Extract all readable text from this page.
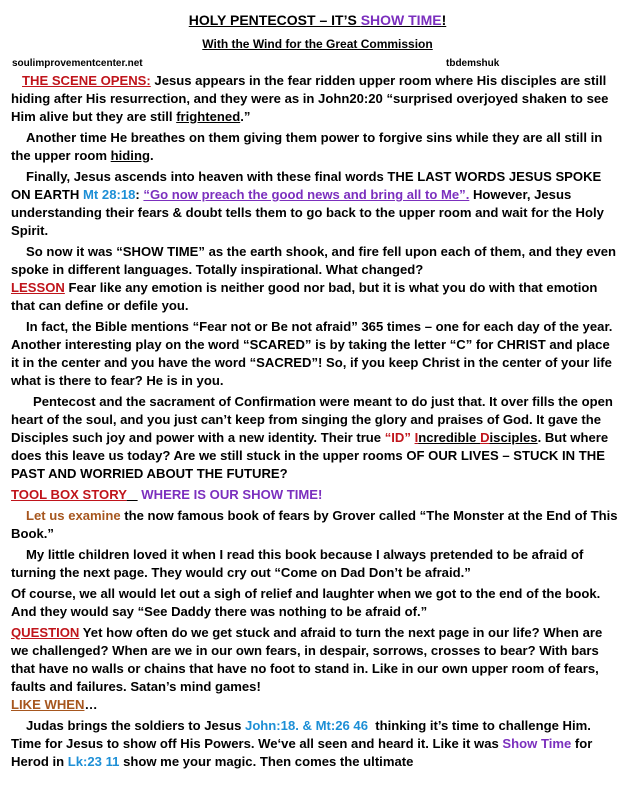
HOLY PENTECOST – IT’S SHOW TIME!
With the Wind for the Great Commission
soulimprovementcenter.net	tbdemshuk

THE SCENE OPENS: Jesus appears in the fear ridden upper room where His disciples are still hiding after His resurrection, and they were as in John20:20 “surprised overjoyed shaken to see Him alive but they are still frightened.”

Another time He breathes on them giving them power to forgive sins while they are all still in the upper room hiding.

Finally, Jesus ascends into heaven with these final words THE LAST WORDS JESUS SPOKE ON EARTH Mt 28:18: “Go now preach the good news and bring all to Me”. However, Jesus understanding their fears & doubt tells them to go back to the upper room and wait for the Holy Spirit.

So now it was “SHOW TIME” as the earth shook, and fire fell upon each of them, and they even spoke in different languages. Totally inspirational. What changed?

LESSON Fear like any emotion is neither good nor bad, but it is what you do with that emotion that can define or defile you.

In fact, the Bible mentions “Fear not or Be not afraid” 365 times – one for each day of the year. Another interesting play on the word “SCARED” is by taking the letter “C” for CHRIST and place it in the center and you have the word “SACRED”! So, if you keep Christ in the center of your life what is there to fear? He is in you.

Pentecost and the sacrament of Confirmation were meant to do just that. It over fills the open heart of the soul, and you just can’t keep from singing the glory and praises of God. It gave the Disciples such joy and power with a new identity. Their true “ID” Incredible Disciples. But where does this leave us today? Are we still stuck in the upper rooms OF OUR LIVES – STUCK IN THE PAST AND WORRIED ABOUT THE FUTURE?

TOOL BOX STORY WHERE IS OUR SHOW TIME!

Let us examine the now famous book of fears by Grover called “The Monster at the End of This Book.”

My little children loved it when I read this book because I always pretended to be afraid of turning the next page. They would cry out “Come on Dad Don’t be afraid.”

Of course, we all would let out a sigh of relief and laughter when we got to the end of the book. And they would say “See Daddy there was nothing to be afraid of.”

QUESTION Yet how often do we get stuck and afraid to turn the next page in our life? When are we challenged? When are we in our own fears, in despair, sorrows, crosses to bear? With bars that have no walls or chains that have no foot to stand in. Like in our own upper room of fears, faults and failures. Satan’s mind games!

LIKE WHEN…

Judas brings the soldiers to Jesus John:18. & Mt:26 46  thinking it’s time to challenge Him. Time for Jesus to show off His Powers. We‘ve all seen and heard it. Like it was Show Time for Herod in Lk:23 11 show me your magic. Then comes the ultimate
